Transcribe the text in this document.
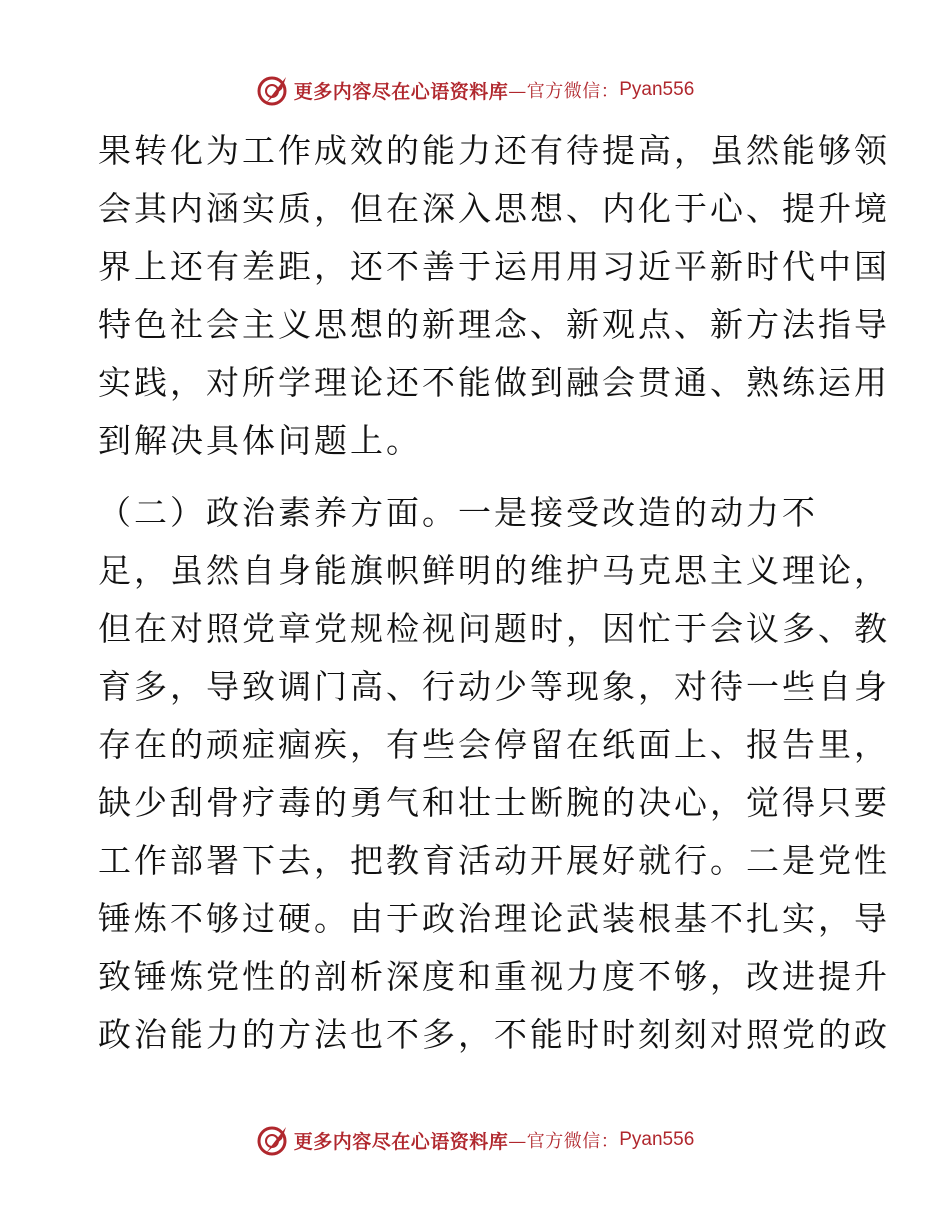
更多内容尽在心语资料库 —官方微信： Pyan556
果转化为工作成效的能力还有待提高，虽然能够领
会其内涵实质，但在深入思想、内化于心、提升境
界上还有差距，还不善于运用用习近平新时代中国
特色社会主义思想的新理念、新观点、新方法指导
实践，对所学理论还不能做到融会贯通、熟练运用
到解决具体问题上。
（二）政治素养方面。一是接受改造的动力不
足，虽然自身能旗帜鲜明的维护马克思主义理论，
但在对照党章党规检视问题时，因忙于会议多、教
育多，导致调门高、行动少等现象，对待一些自身
存在的顽症痼疾，有些会停留在纸面上、报告里，
缺少刮骨疗毒的勇气和壮士断腕的决心，觉得只要
工作部署下去，把教育活动开展好就行。二是党性
锤炼不够过硬。由于政治理论武装根基不扎实，导
致锤炼党性的剖析深度和重视力度不够，改进提升
政治能力的方法也不多，不能时时刻刻对照党的政
更多内容尽在心语资料库 —官方微信： Pyan556
